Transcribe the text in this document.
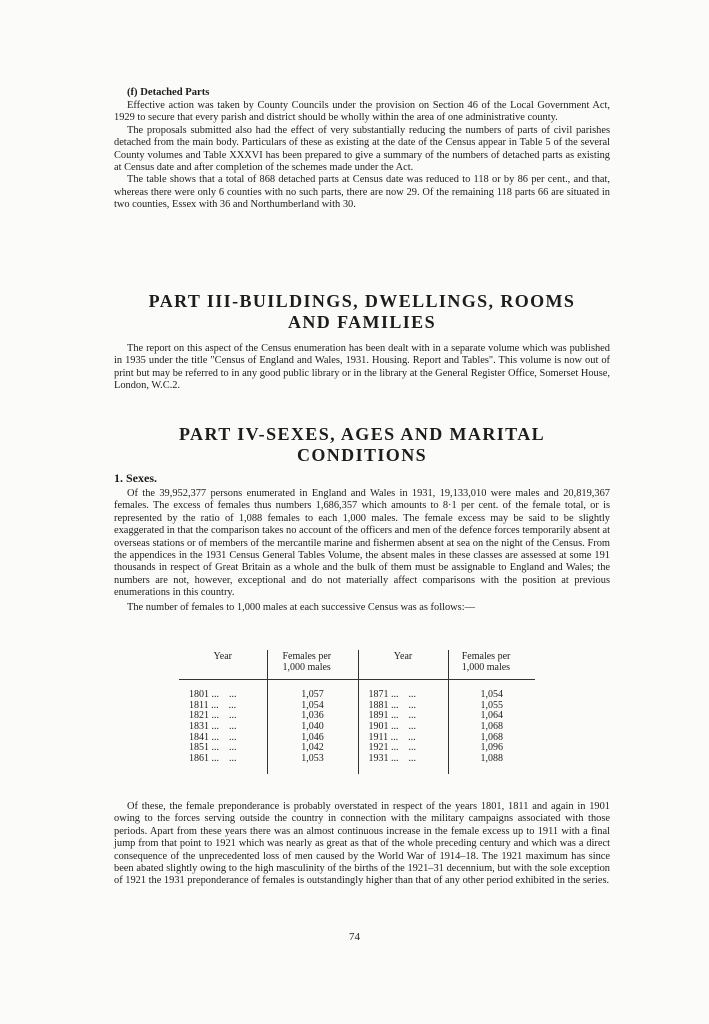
(f) Detached Parts

Effective action was taken by County Councils under the provision on Section 46 of the Local Government Act, 1929 to secure that every parish and district should be wholly within the area of one administrative county.

The proposals submitted also had the effect of very substantially reducing the numbers of parts of civil parishes detached from the main body. Particulars of these as existing at the date of the Census appear in Table 5 of the several County volumes and Table XXXVI has been prepared to give a summary of the numbers of detached parts as existing at Census date and after completion of the schemes made under the Act.

The table shows that a total of 868 detached parts at Census date was reduced to 118 or by 86 per cent., and that, whereas there were only 6 counties with no such parts, there are now 29. Of the remaining 118 parts 66 are situated in two counties, Essex with 36 and Northumberland with 30.

PART III-BUILDINGS, DWELLINGS, ROOMS
AND FAMILIES

The report on this aspect of the Census enumeration has been dealt with in a separate volume which was published in 1935 under the title "Census of England and Wales, 1931. Housing. Report and Tables". This volume is now out of print but may be referred to in any good public library or in the library at the General Register Office, Somerset House, London, W.C.2.

PART IV-SEXES, AGES AND MARITAL
CONDITIONS
1. Sexes.

Of the 39,952,377 persons enumerated in England and Wales in 1931, 19,133,010 were males and 20,819,367 females. The excess of females thus numbers 1,686,357 which amounts to 8·1 per cent. of the female total, or is represented by the ratio of 1,088 females to each 1,000 males. The female excess may be said to be slightly exaggerated in that the comparison takes no account of the officers and men of the defence forces temporarily absent at overseas stations or of members of the mercantile marine and fishermen absent at sea on the night of the Census. From the appendices in the 1931 Census General Tables Volume, the absent males in these classes are assessed at some 191 thousands in respect of Great Britain as a whole and the bulk of them must be assignable to England and Wales; the numbers are not, however, exceptional and do not materially affect comparisons with the position at previous enumerations in this country.

The number of females to 1,000 males at each successive Census was as follows:—

Year	Females per 1,000 males	Year	Females per 1,000 males

1801 ...    ...	1,057	1871 ...    ...	1,054
1811 ...    ...	1,054	1881 ...    ...	1,055
1821 ...    ...	1,036	1891 ...    ...	1,064
1831 ...    ...	1,040	1901 ...    ...	1,068
1841 ...    ...	1,046	1911 ...    ...	1,068
1851 ...    ...	1,042	1921 ...    ...	1,096
1861 ...    ...	1,053	1931 ...    ...	1,088

Of these, the female preponderance is probably overstated in respect of the years 1801, 1811 and again in 1901 owing to the forces serving outside the country in connection with the military campaigns associated with those periods. Apart from these years there was an almost continuous increase in the female excess up to 1911 with a final jump from that point to 1921 which was nearly as great as that of the whole preceding century and which was a direct consequence of the unprecedented loss of men caused by the World War of 1914–18. The 1921 maximum has since been abated slightly owing to the high masculinity of the births of the 1921–31 decennium, but with the sole exception of 1921 the 1931 preponderance of females is outstandingly higher than that of any other period exhibited in the series.

74
